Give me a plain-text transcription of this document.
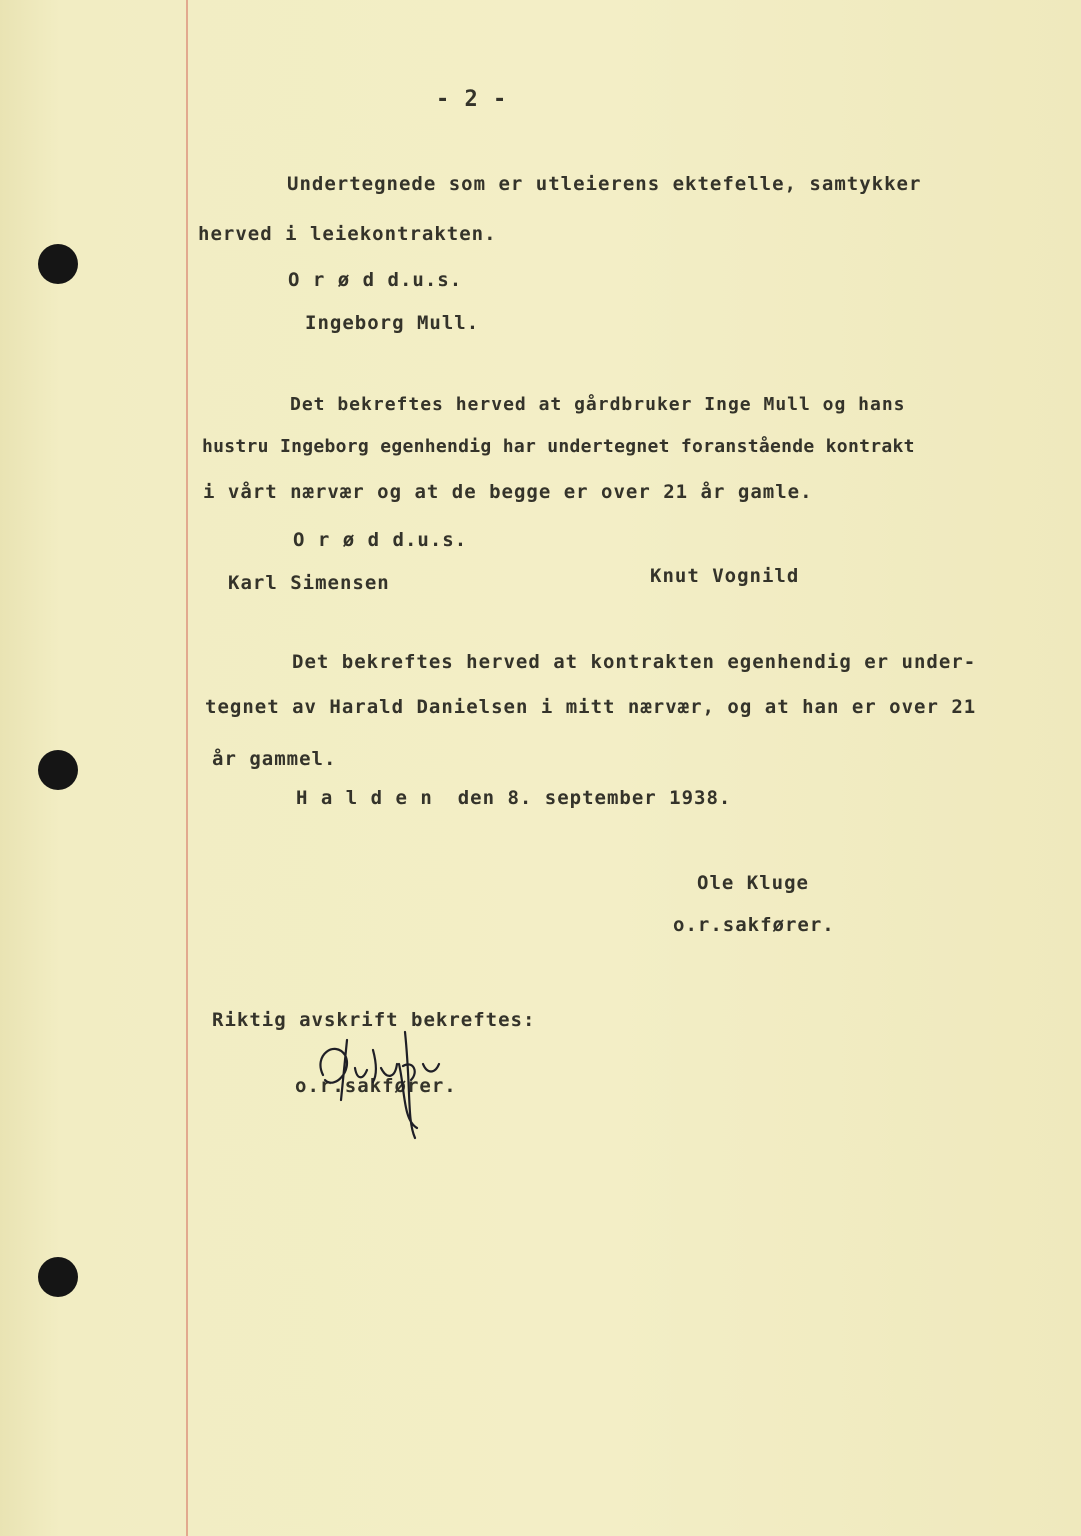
- 2 -
Undertegnede som er utleierens ektefelle, samtykker
herved i leiekontrakten.
O r ø d d.u.s.
Ingeborg Mull.
Det bekreftes herved at gårdbruker Inge Mull og hans
hustru Ingeborg egenhendig har undertegnet foranstående kontrakt
i vårt nærvær og at de begge er over 21 år gamle.
O r ø d d.u.s.
Karl Simensen	Knut Vognild
Det bekreftes herved at kontrakten egenhendig er under-
tegnet av Harald Danielsen i mitt nærvær, og at han er over 21
år gammel.
H a l d e n  den 8. september 1938.
Ole Kluge
o.r.sakfører.
Riktig avskrift bekreftes:
o.r.sakfører.
